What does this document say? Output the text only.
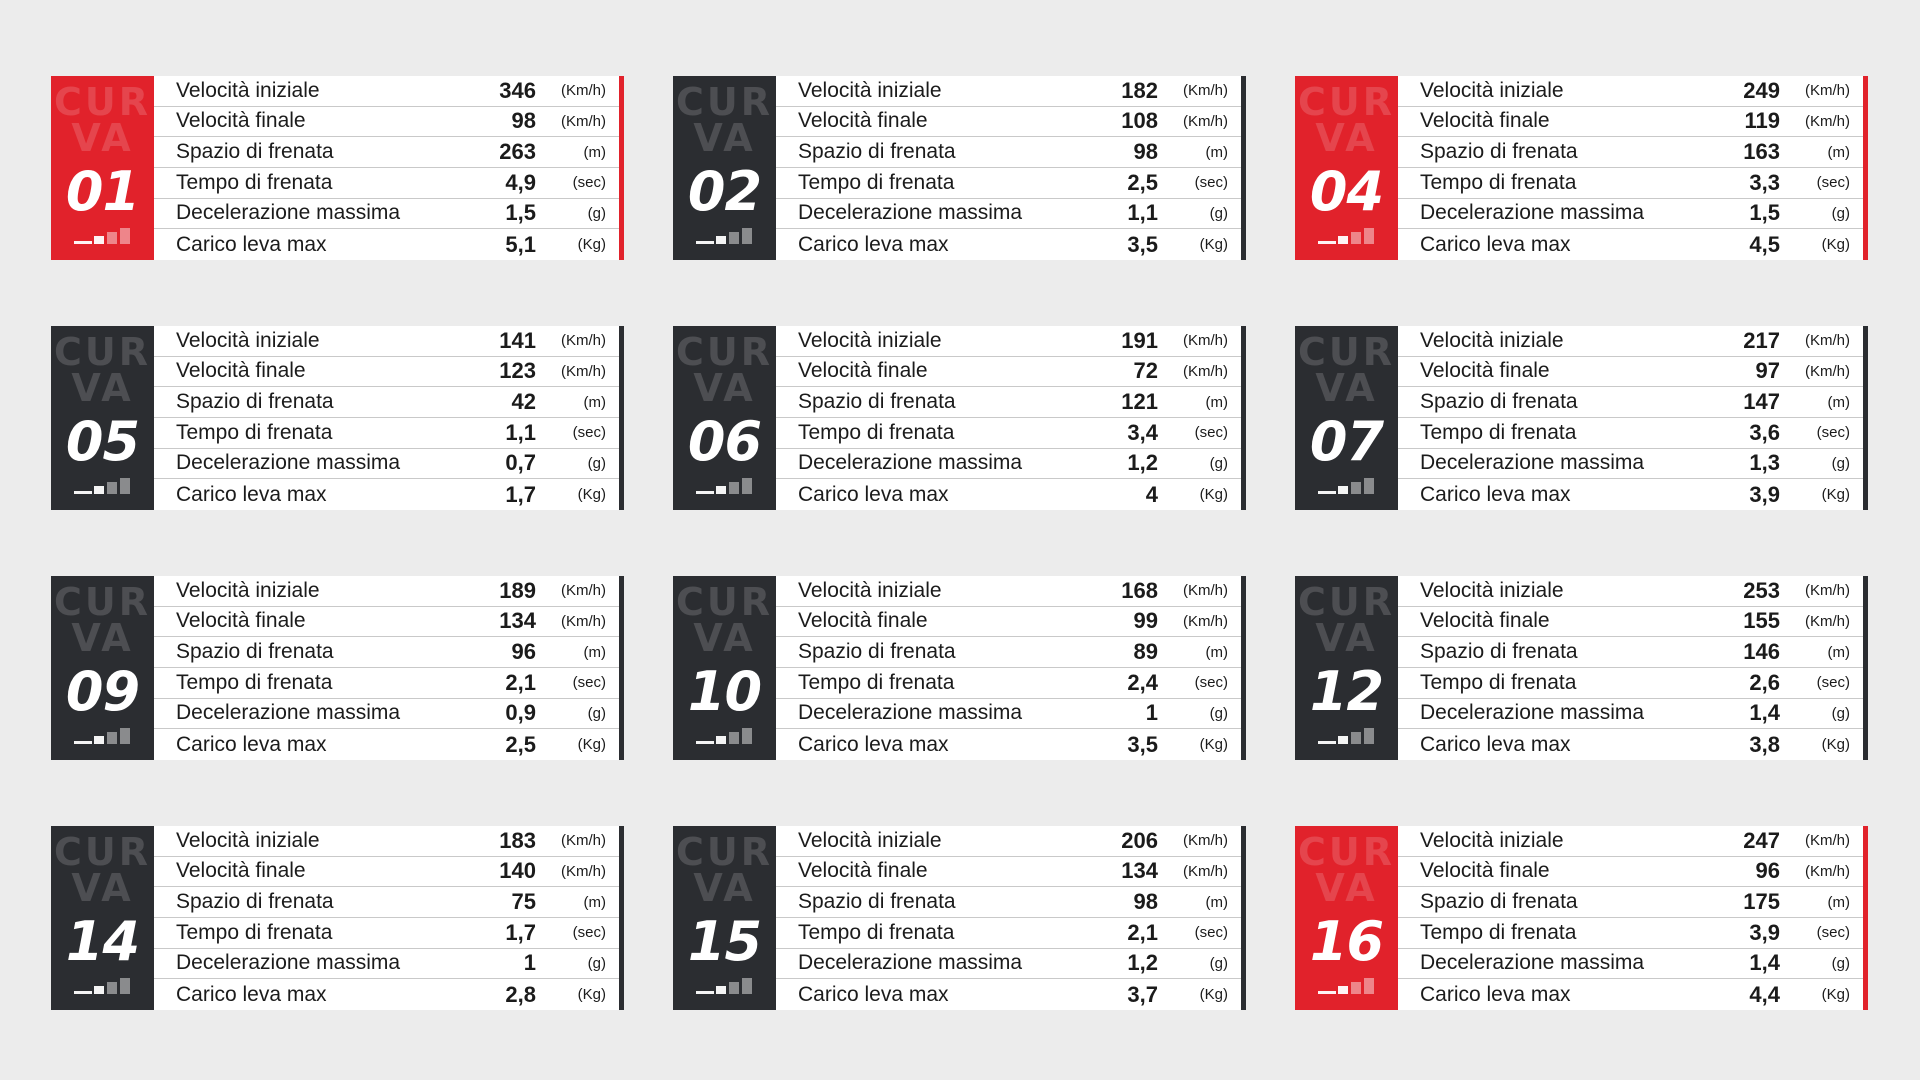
CUR
VA
01
Velocità iniziale	346	(Km/h)
Velocità finale	98	(Km/h)
Spazio di frenata	263	(m)
Tempo di frenata	4,9	(sec)
Decelerazione massima	1,5	(g)
Carico leva max	5,1	(Kg)
CUR
VA
02
Velocità iniziale	182	(Km/h)
Velocità finale	108	(Km/h)
Spazio di frenata	98	(m)
Tempo di frenata	2,5	(sec)
Decelerazione massima	1,1	(g)
Carico leva max	3,5	(Kg)
CUR
VA
04
Velocità iniziale	249	(Km/h)
Velocità finale	119	(Km/h)
Spazio di frenata	163	(m)
Tempo di frenata	3,3	(sec)
Decelerazione massima	1,5	(g)
Carico leva max	4,5	(Kg)
CUR
VA
05
Velocità iniziale	141	(Km/h)
Velocità finale	123	(Km/h)
Spazio di frenata	42	(m)
Tempo di frenata	1,1	(sec)
Decelerazione massima	0,7	(g)
Carico leva max	1,7	(Kg)
CUR
VA
06
Velocità iniziale	191	(Km/h)
Velocità finale	72	(Km/h)
Spazio di frenata	121	(m)
Tempo di frenata	3,4	(sec)
Decelerazione massima	1,2	(g)
Carico leva max	4	(Kg)
CUR
VA
07
Velocità iniziale	217	(Km/h)
Velocità finale	97	(Km/h)
Spazio di frenata	147	(m)
Tempo di frenata	3,6	(sec)
Decelerazione massima	1,3	(g)
Carico leva max	3,9	(Kg)
CUR
VA
09
Velocità iniziale	189	(Km/h)
Velocità finale	134	(Km/h)
Spazio di frenata	96	(m)
Tempo di frenata	2,1	(sec)
Decelerazione massima	0,9	(g)
Carico leva max	2,5	(Kg)
CUR
VA
10
Velocità iniziale	168	(Km/h)
Velocità finale	99	(Km/h)
Spazio di frenata	89	(m)
Tempo di frenata	2,4	(sec)
Decelerazione massima	1	(g)
Carico leva max	3,5	(Kg)
CUR
VA
12
Velocità iniziale	253	(Km/h)
Velocità finale	155	(Km/h)
Spazio di frenata	146	(m)
Tempo di frenata	2,6	(sec)
Decelerazione massima	1,4	(g)
Carico leva max	3,8	(Kg)
CUR
VA
14
Velocità iniziale	183	(Km/h)
Velocità finale	140	(Km/h)
Spazio di frenata	75	(m)
Tempo di frenata	1,7	(sec)
Decelerazione massima	1	(g)
Carico leva max	2,8	(Kg)
CUR
VA
15
Velocità iniziale	206	(Km/h)
Velocità finale	134	(Km/h)
Spazio di frenata	98	(m)
Tempo di frenata	2,1	(sec)
Decelerazione massima	1,2	(g)
Carico leva max	3,7	(Kg)
CUR
VA
16
Velocità iniziale	247	(Km/h)
Velocità finale	96	(Km/h)
Spazio di frenata	175	(m)
Tempo di frenata	3,9	(sec)
Decelerazione massima	1,4	(g)
Carico leva max	4,4	(Kg)
